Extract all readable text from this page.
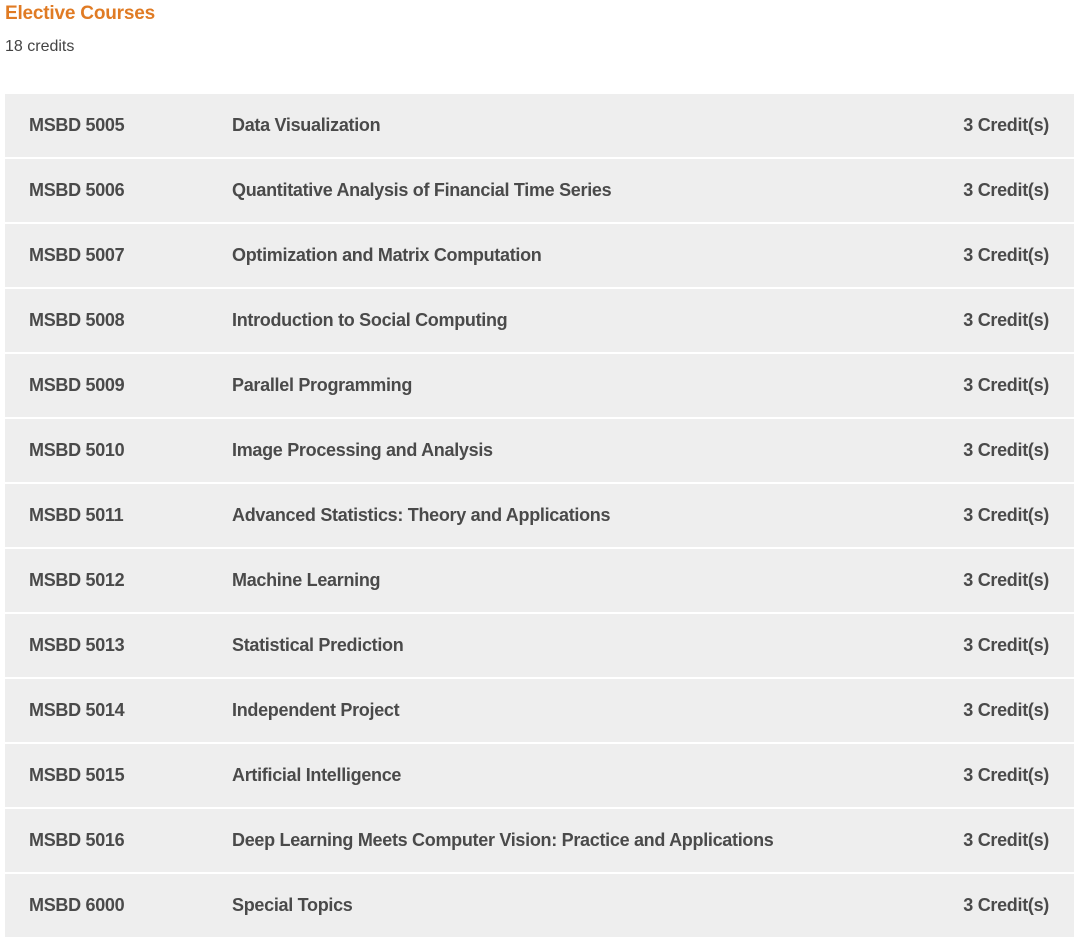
Elective Courses
18 credits
MSBD 5005	Data Visualization	3 Credit(s)
MSBD 5006	Quantitative Analysis of Financial Time Series	3 Credit(s)
MSBD 5007	Optimization and Matrix Computation	3 Credit(s)
MSBD 5008	Introduction to Social Computing	3 Credit(s)
MSBD 5009	Parallel Programming	3 Credit(s)
MSBD 5010	Image Processing and Analysis	3 Credit(s)
MSBD 5011	Advanced Statistics: Theory and Applications	3 Credit(s)
MSBD 5012	Machine Learning	3 Credit(s)
MSBD 5013	Statistical Prediction	3 Credit(s)
MSBD 5014	Independent Project	3 Credit(s)
MSBD 5015	Artificial Intelligence	3 Credit(s)
MSBD 5016	Deep Learning Meets Computer Vision: Practice and Applications	3 Credit(s)
MSBD 6000	Special Topics	3 Credit(s)
